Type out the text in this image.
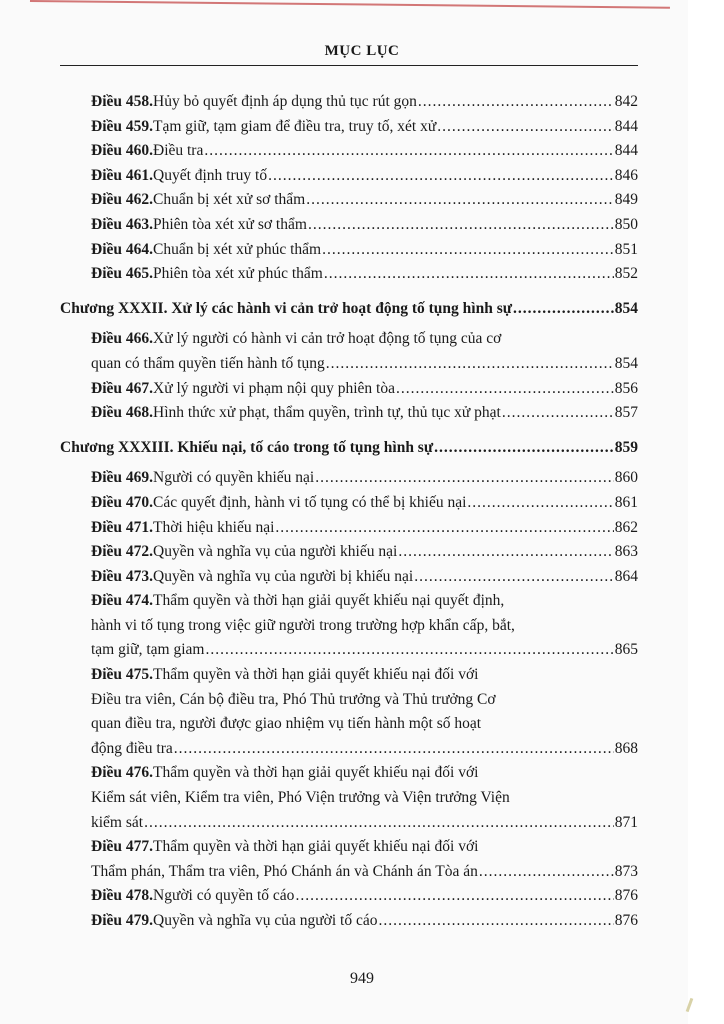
MỤC LỤC
Điều 458. Hủy bỏ quyết định áp dụng thủ tục rút gọn .....	842
Điều 459. Tạm giữ, tạm giam để điều tra, truy tố, xét xử .....	844
Điều 460. Điều tra .....	844
Điều 461. Quyết định truy tố .....	846
Điều 462. Chuẩn bị xét xử sơ thẩm .....	849
Điều 463. Phiên tòa xét xử sơ thẩm .....	850
Điều 464. Chuẩn bị xét xử phúc thẩm .....	851
Điều 465. Phiên tòa xét xử phúc thẩm .....	852
Chương XXXII. Xử lý các hành vi cản trở hoạt động tố tụng hình sự .....	854
Điều 466. Xử lý người có hành vi cản trở hoạt động tố tụng của cơ
quan có thẩm quyền tiến hành tố tụng .....	854
Điều 467. Xử lý người vi phạm nội quy phiên tòa .....	856
Điều 468. Hình thức xử phạt, thẩm quyền, trình tự, thủ tục xử phạt .....	857
Chương XXXIII. Khiếu nại, tố cáo trong tố tụng hình sự .....	859
Điều 469. Người có quyền khiếu nại .....	860
Điều 470. Các quyết định, hành vi tố tụng có thể bị khiếu nại .....	861
Điều 471. Thời hiệu khiếu nại .....	862
Điều 472. Quyền và nghĩa vụ của người khiếu nại .....	863
Điều 473. Quyền và nghĩa vụ của người bị khiếu nại .....	864
Điều 474. Thẩm quyền và thời hạn giải quyết khiếu nại quyết định,
hành vi tố tụng trong việc giữ người trong trường hợp khẩn cấp, bắt,
tạm giữ, tạm giam .....	865
Điều 475. Thẩm quyền và thời hạn giải quyết khiếu nại đối với
Điều tra viên, Cán bộ điều tra, Phó Thủ trưởng và Thủ trưởng Cơ
quan điều tra, người được giao nhiệm vụ tiến hành một số hoạt
động điều tra .....	868
Điều 476. Thẩm quyền và thời hạn giải quyết khiếu nại đối với
Kiểm sát viên, Kiểm tra viên, Phó Viện trưởng và Viện trưởng Viện
kiểm sát .....	871
Điều 477. Thẩm quyền và thời hạn giải quyết khiếu nại đối với
Thẩm phán, Thẩm tra viên, Phó Chánh án và Chánh án Tòa án .....	873
Điều 478. Người có quyền tố cáo .....	876
Điều 479. Quyền và nghĩa vụ của người tố cáo .....	876
949
